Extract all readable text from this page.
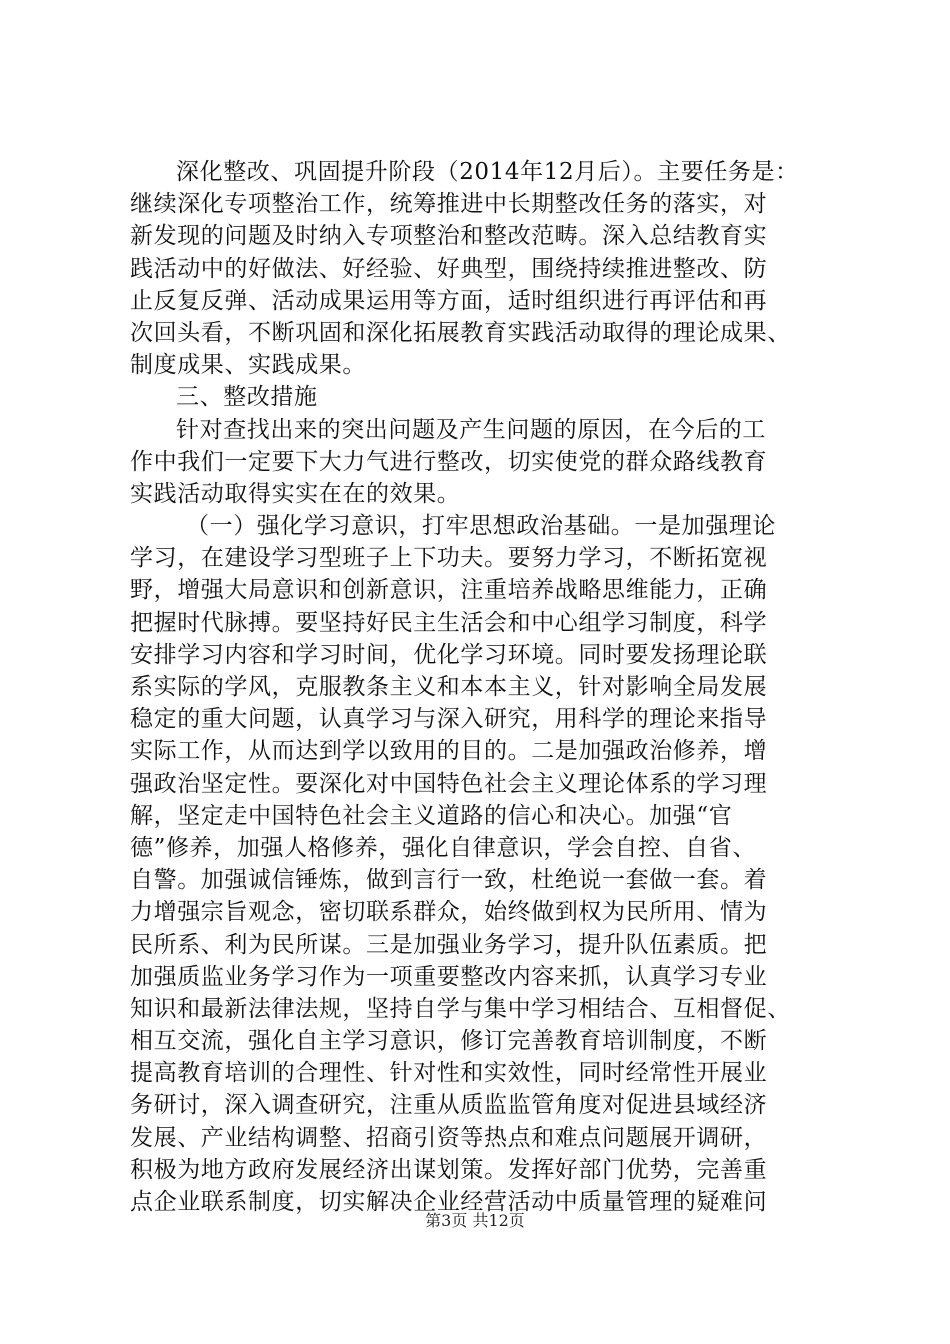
深化整改、巩固提升阶段（2014年12月后）。主要任务是：
继续深化专项整治工作，统筹推进中长期整改任务的落实，对
新发现的问题及时纳入专项整治和整改范畴。深入总结教育实
践活动中的好做法、好经验、好典型，围绕持续推进整改、防
止反复反弹、活动成果运用等方面，适时组织进行再评估和再
次回头看，不断巩固和深化拓展教育实践活动取得的理论成果、
制度成果、实践成果。
三、整改措施
针对查找出来的突出问题及产生问题的原因，在今后的工
作中我们一定要下大力气进行整改，切实使党的群众路线教育
实践活动取得实实在在的效果。
（一）强化学习意识，打牢思想政治基础。一是加强理论
学习，在建设学习型班子上下功夫。要努力学习，不断拓宽视
野，增强大局意识和创新意识，注重培养战略思维能力，正确
把握时代脉搏。要坚持好民主生活会和中心组学习制度，科学
安排学习内容和学习时间，优化学习环境。同时要发扬理论联
系实际的学风，克服教条主义和本本主义，针对影响全局发展
稳定的重大问题，认真学习与深入研究，用科学的理论来指导
实际工作，从而达到学以致用的目的。二是加强政治修养，增
强政治坚定性。要深化对中国特色社会主义理论体系的学习理
解，坚定走中国特色社会主义道路的信心和决心。加强“官
德”修养，加强人格修养，强化自律意识，学会自控、自省、
自警。加强诚信锤炼，做到言行一致，杜绝说一套做一套。着
力增强宗旨观念，密切联系群众，始终做到权为民所用、情为
民所系、利为民所谋。三是加强业务学习，提升队伍素质。把
加强质监业务学习作为一项重要整改内容来抓，认真学习专业
知识和最新法律法规，坚持自学与集中学习相结合、互相督促、
相互交流，强化自主学习意识，修订完善教育培训制度，不断
提高教育培训的合理性、针对性和实效性，同时经常性开展业
务研讨，深入调查研究，注重从质监监管角度对促进县域经济
发展、产业结构调整、招商引资等热点和难点问题展开调研，
积极为地方政府发展经济出谋划策。发挥好部门优势，完善重
点企业联系制度，切实解决企业经营活动中质量管理的疑难问
第3页 共12页
